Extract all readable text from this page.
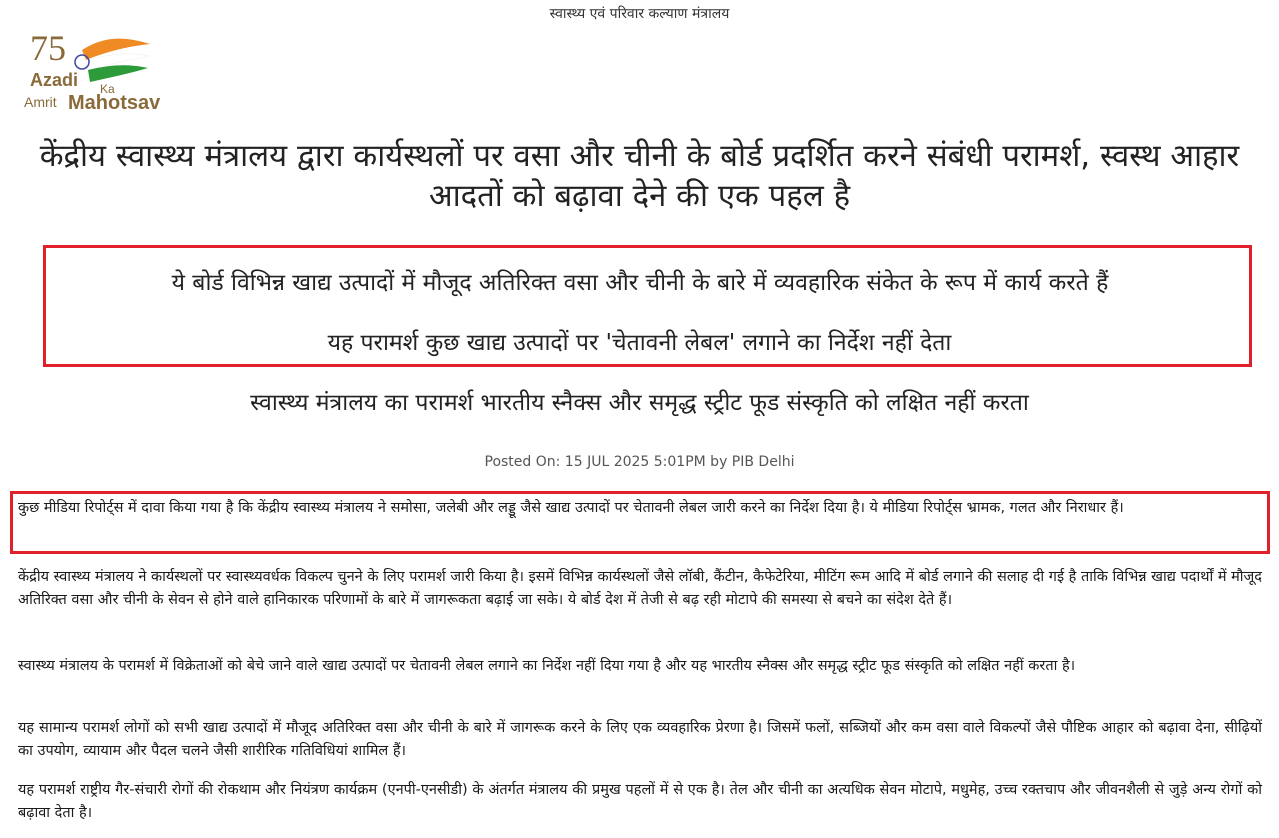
स्वास्थ्य एवं परिवार कल्याण मंत्रालय
75
Azadi Ka
Amrit Mahotsav
केंद्रीय स्वास्थ्य मंत्रालय द्वारा कार्यस्थलों पर वसा और चीनी के बोर्ड प्रदर्शित करने संबंधी परामर्श, स्वस्थ आहार आदतों को बढ़ावा देने की एक पहल है
ये बोर्ड विभिन्न खाद्य उत्पादों में मौजूद अतिरिक्त वसा और चीनी के बारे में व्यवहारिक संकेत के रूप में कार्य करते हैं
यह परामर्श कुछ खाद्य उत्पादों पर 'चेतावनी लेबल' लगाने का निर्देश नहीं देता
स्वास्थ्य मंत्रालय का परामर्श भारतीय स्नैक्स और समृद्ध स्ट्रीट फूड संस्कृति को लक्षित नहीं करता
Posted On: 15 JUL 2025 5:01PM by PIB Delhi
कुछ मीडिया रिपोर्ट्स में दावा किया गया है कि केंद्रीय स्वास्थ्य मंत्रालय ने समोसा, जलेबी और लड्डू जैसे खाद्य उत्पादों पर चेतावनी लेबल जारी करने का निर्देश दिया है। ये मीडिया रिपोर्ट्स भ्रामक, गलत और निराधार हैं।
केंद्रीय स्वास्थ्य मंत्रालय ने कार्यस्थलों पर स्वास्थ्यवर्धक विकल्प चुनने के लिए परामर्श जारी किया है। इसमें विभिन्न कार्यस्थलों जैसे लॉबी, कैंटीन, कैफेटेरिया, मीटिंग रूम आदि में बोर्ड लगाने की सलाह दी गई है ताकि विभिन्न खाद्य पदार्थों में मौजूद अतिरिक्त वसा और चीनी के सेवन से होने वाले हानिकारक परिणामों के बारे में जागरूकता बढ़ाई जा सके। ये बोर्ड देश में तेजी से बढ़ रही मोटापे की समस्या से बचने का संदेश देते हैं।
स्वास्थ्य मंत्रालय के परामर्श में विक्रेताओं को बेचे जाने वाले खाद्य उत्पादों पर चेतावनी लेबल लगाने का निर्देश नहीं दिया गया है और यह भारतीय स्नैक्स और समृद्ध स्ट्रीट फूड संस्कृति को लक्षित नहीं करता है।
यह सामान्य परामर्श लोगों को सभी खाद्य उत्पादों में मौजूद अतिरिक्त वसा और चीनी के बारे में जागरूक करने के लिए एक व्यवहारिक प्रेरणा है। जिसमें फलों, सब्जियों और कम वसा वाले विकल्पों जैसे पौष्टिक आहार को बढ़ावा देना, सीढ़ियों का उपयोग, व्यायाम और पैदल चलने जैसी शारीरिक गतिविधियां शामिल हैं।
यह परामर्श राष्ट्रीय गैर-संचारी रोगों की रोकथाम और नियंत्रण कार्यक्रम (एनपी-एनसीडी) के अंतर्गत मंत्रालय की प्रमुख पहलों में से एक है। तेल और चीनी का अत्यधिक सेवन मोटापे, मधुमेह, उच्च रक्तचाप और जीवनशैली से जुड़े अन्य रोगों को बढ़ावा देता है।
